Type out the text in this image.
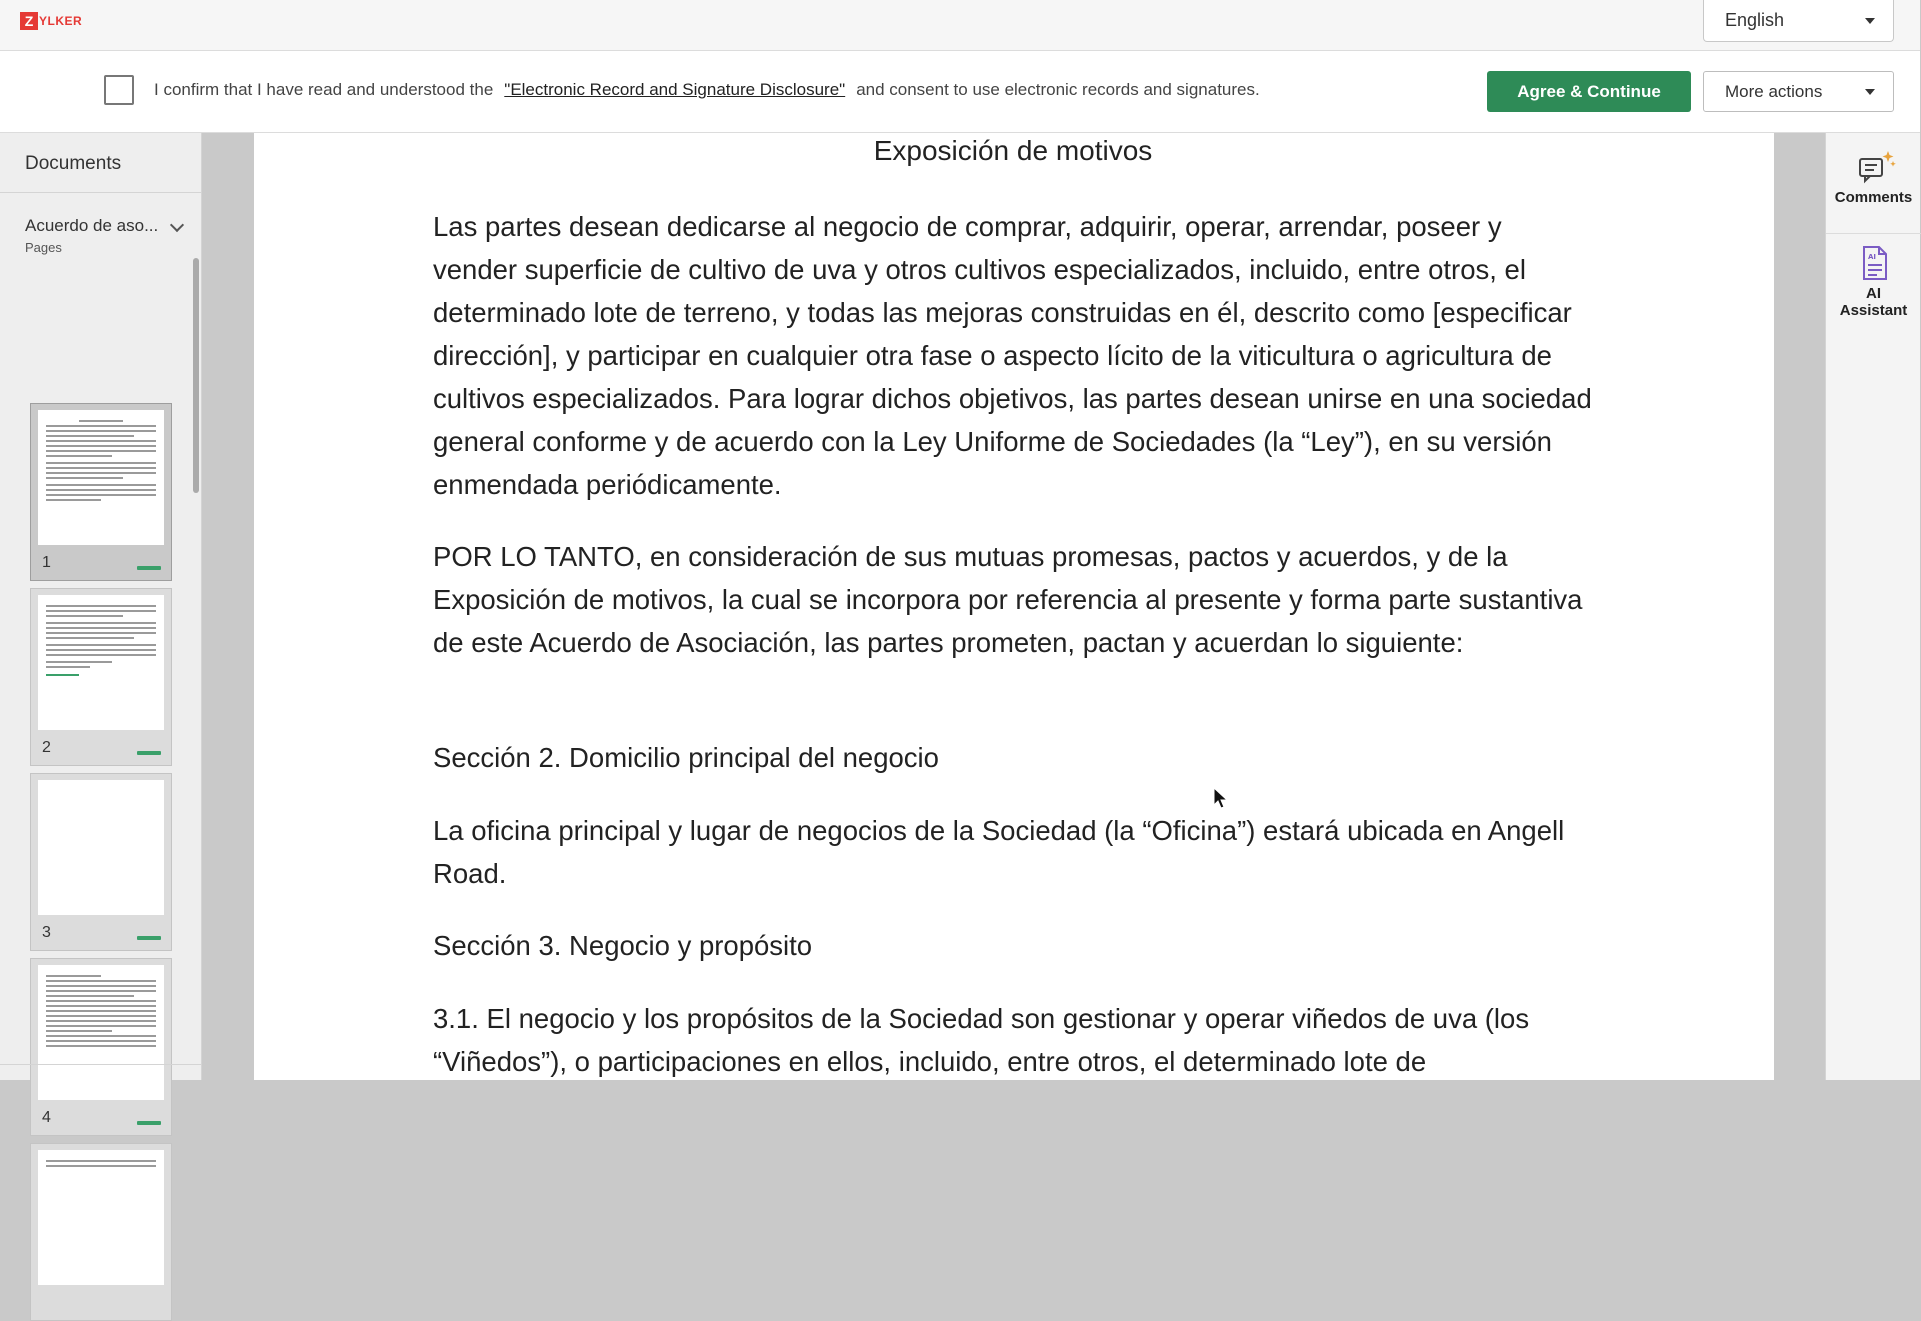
Z YLKER	English
I confirm that I have read and understood the "Electronic Record and Signature Disclosure" and consent to use electronic records and signatures.	Agree & Continue	More actions
Documents
Acuerdo de aso...
Pages
1
2
3
4
Exposición de motivos

Las partes desean dedicarse al negocio de comprar, adquirir, operar, arrendar, poseer y vender superficie de cultivo de uva y otros cultivos especializados, incluido, entre otros, el determinado lote de terreno, y todas las mejoras construidas en él, descrito como [especificar dirección], y participar en cualquier otra fase o aspecto lícito de la viticultura o agricultura de cultivos especializados. Para lograr dichos objetivos, las partes desean unirse en una sociedad general conforme y de acuerdo con la Ley Uniforme de Sociedades (la “Ley”), en su versión enmendada periódicamente.

POR LO TANTO, en consideración de sus mutuas promesas, pactos y acuerdos, y de la Exposición de motivos, la cual se incorpora por referencia al presente y forma parte sustantiva de este Acuerdo de Asociación, las partes prometen, pactan y acuerdan lo siguiente:

Sección 2. Domicilio principal del negocio

La oficina principal y lugar de negocios de la Sociedad (la “Oficina”) estará ubicada en Angell Road.

Sección 3. Negocio y propósito

3.1. El negocio y los propósitos de la Sociedad son gestionar y operar viñedos de uva (los “Viñedos”), o participaciones en ellos, incluido, entre otros, el determinado lote de

Comments
AI
AI
Assistant
